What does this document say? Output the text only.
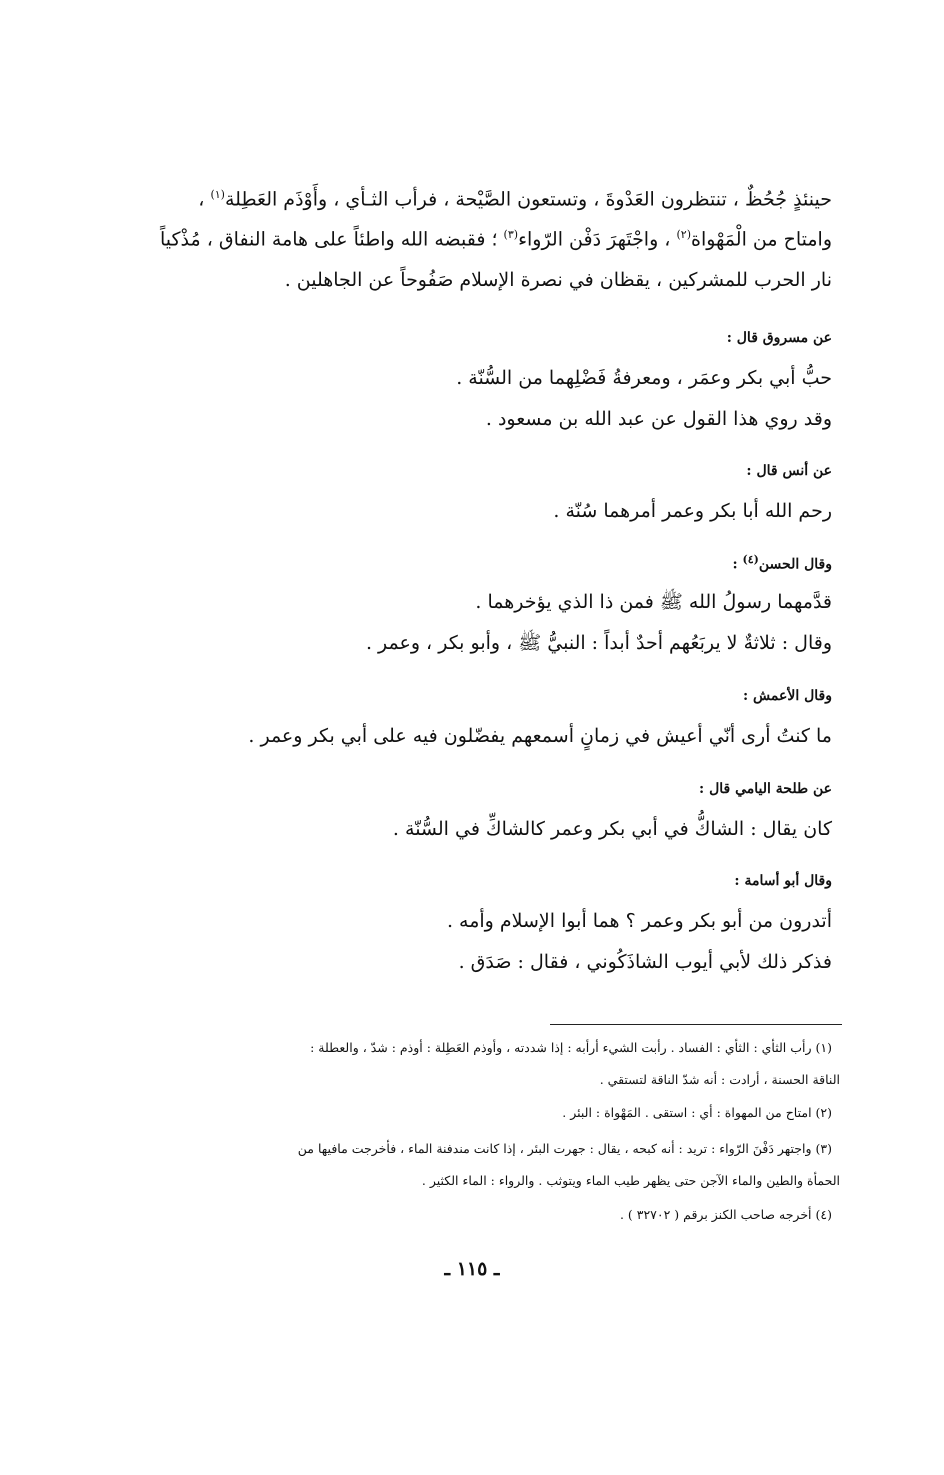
حينئذٍ جُحُظٌ ، تنتظرون العَدْوةَ ، وتستعون الصَّيْحة ، فرأب الثـأي ، وأَوْذَم العَطِلة$^{(١)}$ ،
وامتاح من الْمَهْواة$^{(٢)}$ ، واجْتَهرَ دَفْن الرّواء$^{(٣)}$ ؛ فقبضه الله واطئاً على هامة النفاق ، مُذْكياً
نار الحرب للمشركين ، يقظان في نصرة الإسلام صَفُوحاً عن الجاهلين .
عن مسروق قال :
حبُّ أبي بكر وعمَر ، ومعرفةُ فَضْلِهما من السُّنّة .
وقد روي هذا القول عن عبد الله بن مسعود .
عن أنس قال :
رحم الله أبا بكر وعمر أمرهما سُنّة .
وقال الحسن$^{(٤)}$ :
قدَّمهما رسولُ الله ﷺ فمن ذا الذي يؤخرهما .
وقال : ثلاثةٌ لا يربَعُهم أحدٌ أبداً : النبيُّ ﷺ ، وأبو بكر ، وعمر .
وقال الأعمش :
ما كنتُ أرى أنّي أعيش في زمانٍ أسمعهم يفضّلون فيه على أبي بكر وعمر .
عن طلحة اليامي قال :
كان يقال : الشاكُّ في أبي بكر وعمر كالشاكِّ في السُّنّة .
وقال أبو أسامة :
أتدرون من أبو بكر وعمر ؟ هما أبوا الإسلام وأمه .
فذكر ذلك لأبي أيوب الشاذَكُوني ، فقال : صَدَق .
(١) رأب الثأي : الثأي : الفساد . رأبت الشيء أرأبه : إذا شددته ، وأوذم العَطِلة : أوذم : شدّ ، والعطلة :
الناقة الحسنة ، أرادت : أنه شدّ الناقة لتستقي .
(٢) امتاح من المهواة : أي : استقى . المَهْواة : البئر .
(٣) واجتهر دَفْنَ الرّواء : تريد : أنه كبحه ، يقال : جهرت البئر ، إذا كانت مندفنة الماء ، فأخرجت مافيها من
الحمأة والطين والماء الآجن حتى يظهر طيب الماء ويتوثب . والرواء : الماء الكثير .
(٤) أخرجه صاحب الكنز برقم ( ٣٢٧٠٢ ) .
ـ ١١٥ ـ
